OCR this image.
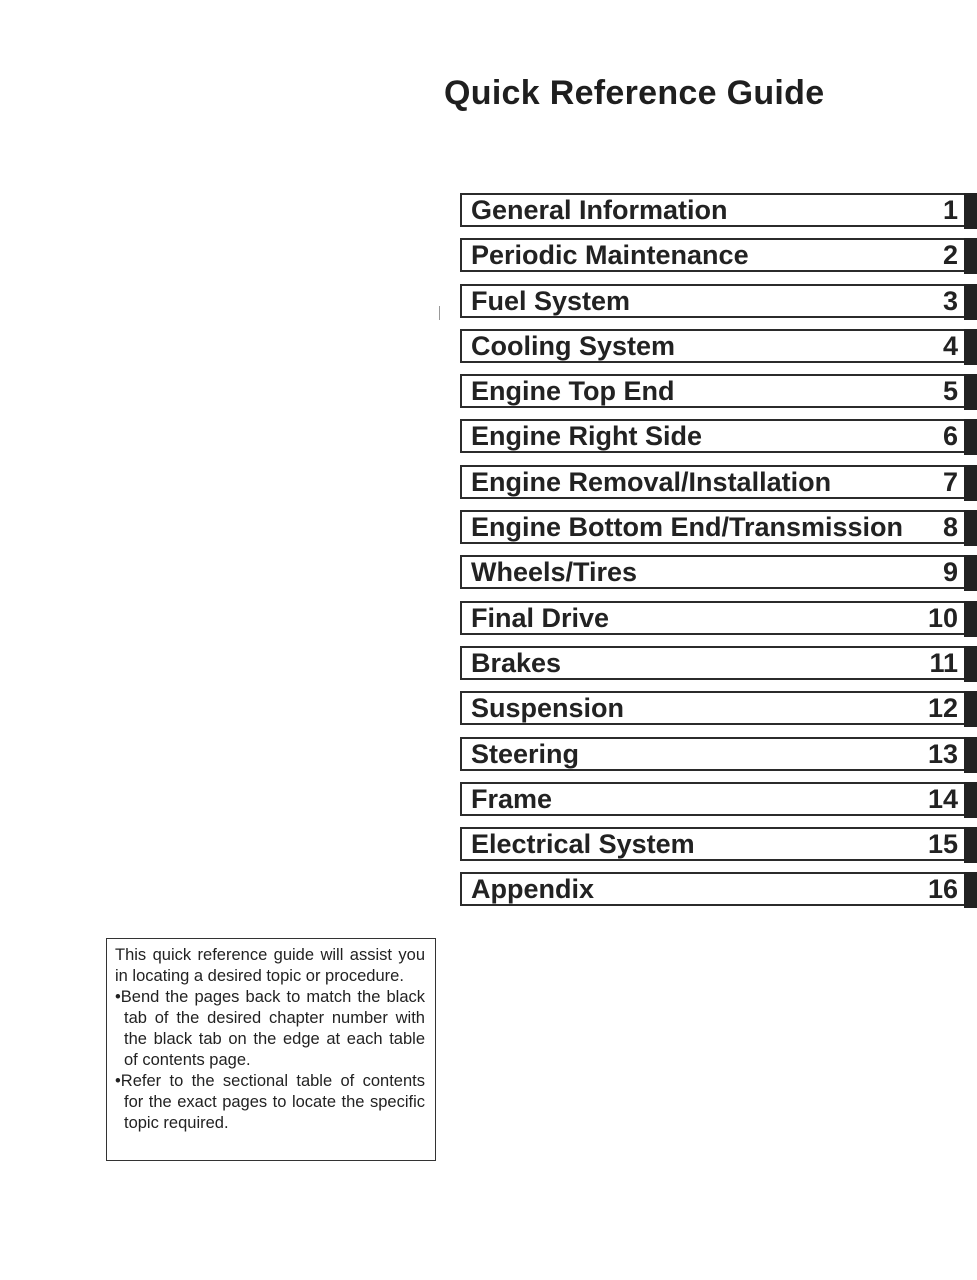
Quick Reference Guide
General Information	1
Periodic Maintenance	2
Fuel System	3
Cooling System	4
Engine Top End	5
Engine Right Side	6
Engine Removal/Installation	7
Engine Bottom End/Transmission	8
Wheels/Tires	9
Final Drive	10
Brakes	11
Suspension	12
Steering	13
Frame	14
Electrical System	15
Appendix	16

This quick reference guide will assist you in locating a desired topic or procedure.

•Bend the pages back to match the black tab of the desired chapter number with the black tab on the edge at each table of contents page.

•Refer to the sectional table of contents for the exact pages to locate the specific topic required.
